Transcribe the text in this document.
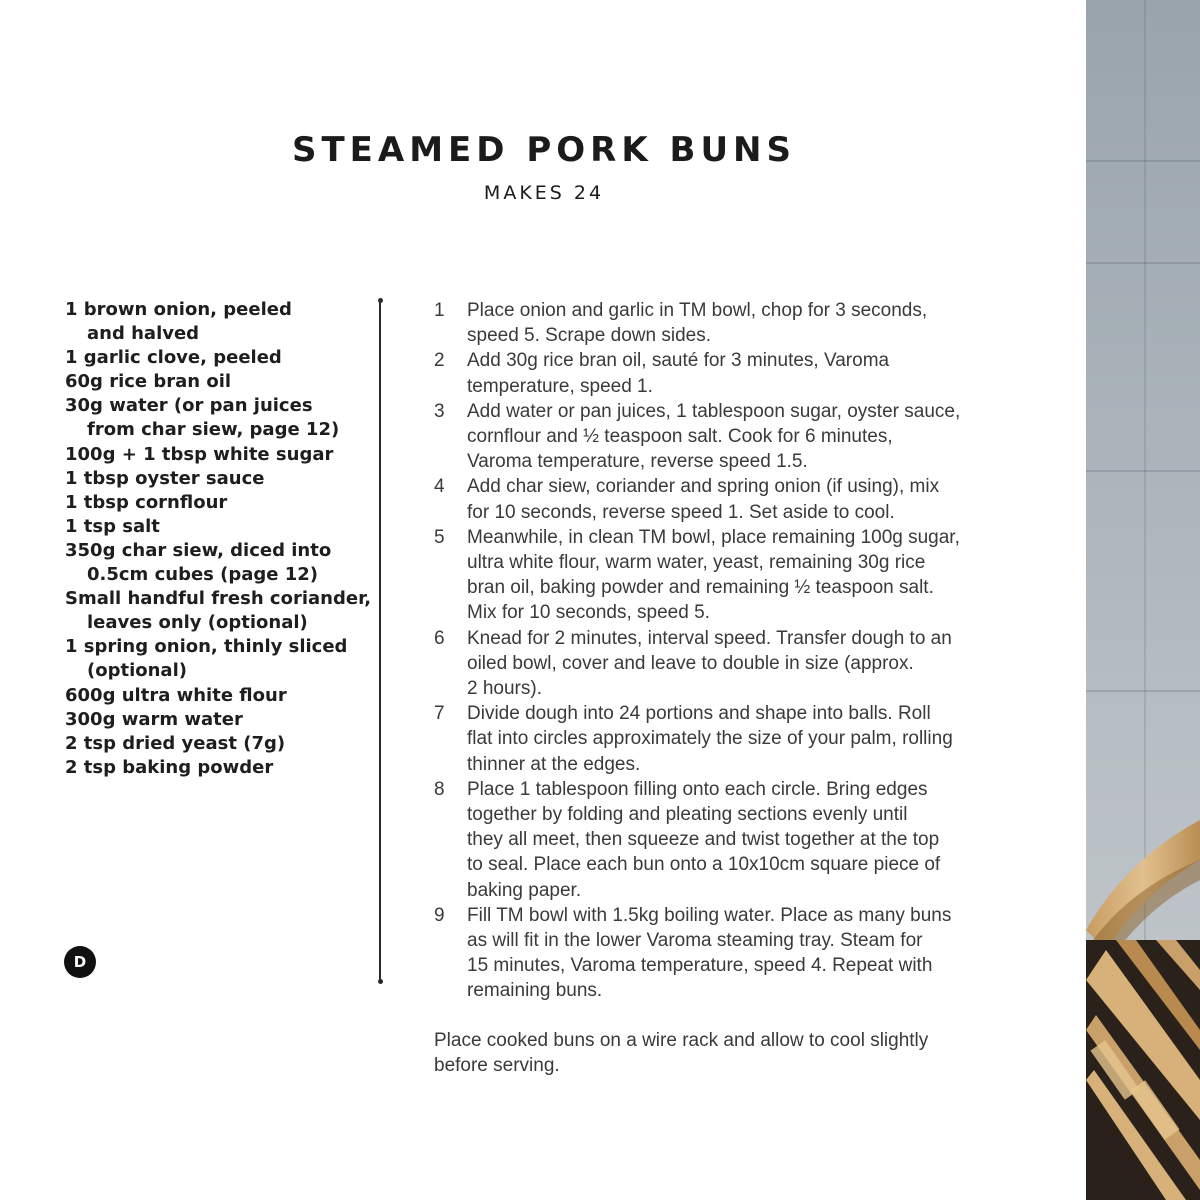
STEAMED PORK BUNS
MAKES 24
1 brown onion, peeled
and halved
1 garlic clove, peeled
60g rice bran oil
30g water (or pan juices
from char siew, page 12)
100g + 1 tbsp white sugar
1 tbsp oyster sauce
1 tbsp cornflour
1 tsp salt
350g char siew, diced into
0.5cm cubes (page 12)
Small handful fresh coriander,
leaves only (optional)
1 spring onion, thinly sliced
(optional)
600g ultra white flour
300g warm water
2 tsp dried yeast (7g)
2 tsp baking powder
D
1 Place onion and garlic in TM bowl, chop for 3 seconds,
speed 5. Scrape down sides.
2 Add 30g rice bran oil, sauté for 3 minutes, Varoma
temperature, speed 1.
3 Add water or pan juices, 1 tablespoon sugar, oyster sauce,
cornflour and ½ teaspoon salt. Cook for 6 minutes,
Varoma temperature, reverse speed 1.5.
4 Add char siew, coriander and spring onion (if using), mix
for 10 seconds, reverse speed 1. Set aside to cool.
5 Meanwhile, in clean TM bowl, place remaining 100g sugar,
ultra white flour, warm water, yeast, remaining 30g rice
bran oil, baking powder and remaining ½ teaspoon salt.
Mix for 10 seconds, speed 5.
6 Knead for 2 minutes, interval speed. Transfer dough to an
oiled bowl, cover and leave to double in size (approx.
2 hours).
7 Divide dough into 24 portions and shape into balls. Roll
flat into circles approximately the size of your palm, rolling
thinner at the edges.
8 Place 1 tablespoon filling onto each circle. Bring edges
together by folding and pleating sections evenly until
they all meet, then squeeze and twist together at the top
to seal. Place each bun onto a 10x10cm square piece of
baking paper.
9 Fill TM bowl with 1.5kg boiling water. Place as many buns
as will fit in the lower Varoma steaming tray. Steam for
15 minutes, Varoma temperature, speed 4. Repeat with
remaining buns.
Place cooked buns on a wire rack and allow to cool slightly
before serving.
